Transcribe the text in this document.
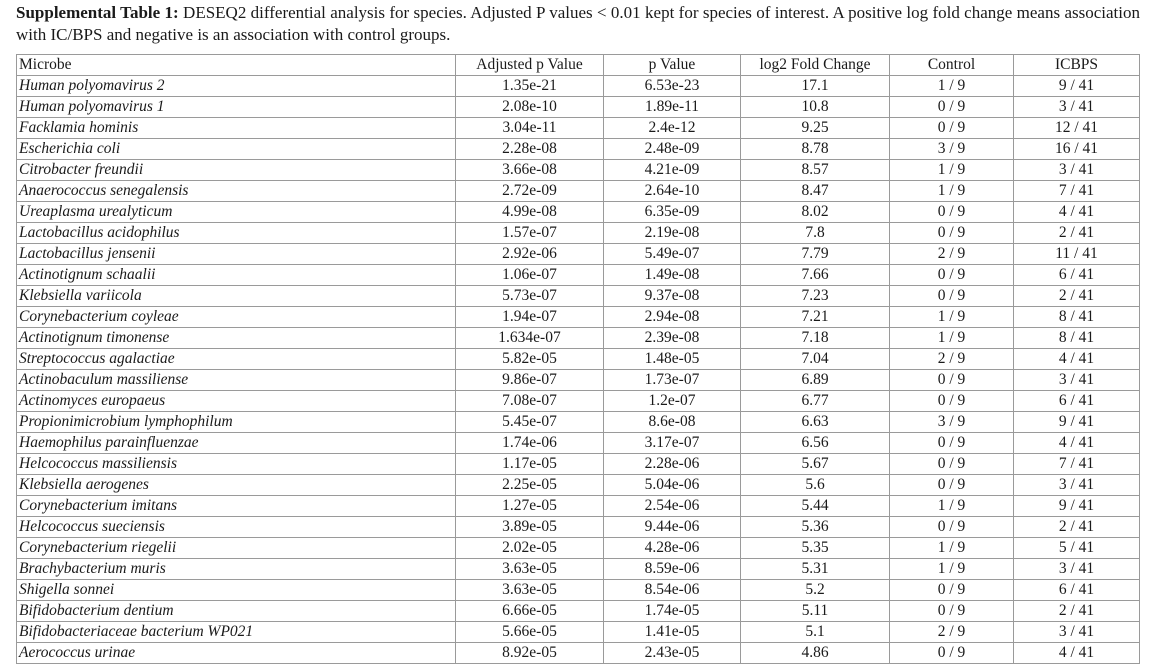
Supplemental Table 1: DESEQ2 differential analysis for species. Adjusted P values < 0.01 kept for species of interest. A positive log fold change means association with IC/BPS and negative is an association with control groups.
Microbe	Adjusted p Value	p Value	log2 Fold Change	Control	ICBPS
Human polyomavirus 2	1.35e-21	6.53e-23	17.1	1 / 9	9 / 41
Human polyomavirus 1	2.08e-10	1.89e-11	10.8	0 / 9	3 / 41
Facklamia hominis	3.04e-11	2.4e-12	9.25	0 / 9	12 / 41
Escherichia coli	2.28e-08	2.48e-09	8.78	3 / 9	16 / 41
Citrobacter freundii	3.66e-08	4.21e-09	8.57	1 / 9	3 / 41
Anaerococcus senegalensis	2.72e-09	2.64e-10	8.47	1 / 9	7 / 41
Ureaplasma urealyticum	4.99e-08	6.35e-09	8.02	0 / 9	4 / 41
Lactobacillus acidophilus	1.57e-07	2.19e-08	7.8	0 / 9	2 / 41
Lactobacillus jensenii	2.92e-06	5.49e-07	7.79	2 / 9	11 / 41
Actinotignum schaalii	1.06e-07	1.49e-08	7.66	0 / 9	6 / 41
Klebsiella variicola	5.73e-07	9.37e-08	7.23	0 / 9	2 / 41
Corynebacterium coyleae	1.94e-07	2.94e-08	7.21	1 / 9	8 / 41
Actinotignum timonense	1.634e-07	2.39e-08	7.18	1 / 9	8 / 41
Streptococcus agalactiae	5.82e-05	1.48e-05	7.04	2 / 9	4 / 41
Actinobaculum massiliense	9.86e-07	1.73e-07	6.89	0 / 9	3 / 41
Actinomyces europaeus	7.08e-07	1.2e-07	6.77	0 / 9	6 / 41
Propionimicrobium lymphophilum	5.45e-07	8.6e-08	6.63	3 / 9	9 / 41
Haemophilus parainfluenzae	1.74e-06	3.17e-07	6.56	0 / 9	4 / 41
Helcococcus massiliensis	1.17e-05	2.28e-06	5.67	0 / 9	7 / 41
Klebsiella aerogenes	2.25e-05	5.04e-06	5.6	0 / 9	3 / 41
Corynebacterium imitans	1.27e-05	2.54e-06	5.44	1 / 9	9 / 41
Helcococcus sueciensis	3.89e-05	9.44e-06	5.36	0 / 9	2 / 41
Corynebacterium riegelii	2.02e-05	4.28e-06	5.35	1 / 9	5 / 41
Brachybacterium muris	3.63e-05	8.59e-06	5.31	1 / 9	3 / 41
Shigella sonnei	3.63e-05	8.54e-06	5.2	0 / 9	6 / 41
Bifidobacterium dentium	6.66e-05	1.74e-05	5.11	0 / 9	2 / 41
Bifidobacteriaceae bacterium WP021	5.66e-05	1.41e-05	5.1	2 / 9	3 / 41
Aerococcus urinae	8.92e-05	2.43e-05	4.86	0 / 9	4 / 41
